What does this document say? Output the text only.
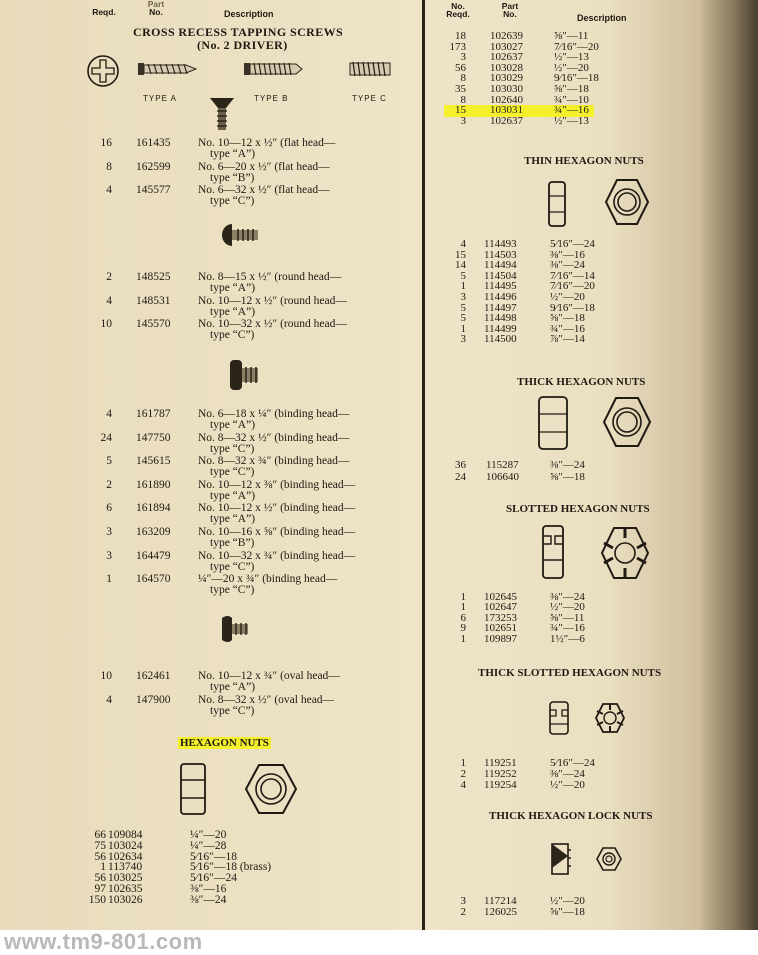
Reqd.
Part
No.	Description
CROSS RECESS TAPPING SCREWS
(No. 2 DRIVER)
TYPE A	TYPE B	TYPE C
16 161435 No. 10—12 x ½″ (flat head—
type “A”)
8 162599 No. 6—20 x ½″ (flat head—
type “B”)
4 145577 No. 6—32 x ½″ (flat head—
type “C”)
2 148525 No. 8—15 x ½″ (round head—
type “A”)
4 148531 No. 10—12 x ½″ (round head—
type “A”)
10 145570 No. 10—32 x ½″ (round head—
type “C”)
4 161787 No. 6—18 x ¼″ (binding head—
type “A”)
24 147750 No. 8—32 x ½″ (binding head—
type “C”)
5 145615 No. 8—32 x ¾″ (binding head—
type “C”)
2 161890 No. 10—12 x ⅜″ (binding head—
type “A”)
6 161894 No. 10—12 x ½″ (binding head—
type “A”)
3 163209 No. 10—16 x ⅝″ (binding head—
type “B”)
3 164479 No. 10—32 x ¾″ (binding head—
type “C”)
1 164570 ¼″—20 x ¾″ (binding head—
type “C”)
10 162461 No. 10—12 x ¾″ (oval head—
type “A”)
4 147900 No. 8—32 x ½″ (oval head—
type “C”)
HEXAGON NUTS
66 109084	¼″—20
75 103024	¼″—28
56 102634	5⁄16″—18
1 113740	5⁄16″—18 (brass)
56 103025	5⁄16″—24
97 102635	⅜″—16
150 103026	⅜″—24
No.
Reqd.
Part
No.	Description
18 102639	⅝″—11
173 103027	7⁄16″—20
3 102637	½″—13
56 103028	½″—20
8 103029	9⁄16″—18
35 103030	⅝″—18
8 102640	¾″—10
15 103031	¾″—16
3 102637	½″—13
THIN HEXAGON NUTS
4 114493	5⁄16″—24
15 114503	⅜″—16
14 114494	⅜″—24
5 114504	7⁄16″—14
1 114495	7⁄16″—20
3 114496	½″—20
5 114497	9⁄16″—18
5 114498	⅝″—18
1 114499	¾″—16
3 114500	⅞″—14
THICK HEXAGON NUTS
36 115287	⅜″—24
24 106640	⅝″—18
SLOTTED HEXAGON NUTS
1 102645	⅜″—24
1 102647	½″—20
6 173253	⅝″—11
9 102651	¾″—16
1 109897	1½″—6
THICK SLOTTED HEXAGON NUTS
1 119251	5⁄16″—24
2 119252	⅜″—24
4 119254	½″—20
THICK HEXAGON LOCK NUTS
3 117214	½″—20
2 126025	⅝″—18
www.tm9-801.com
